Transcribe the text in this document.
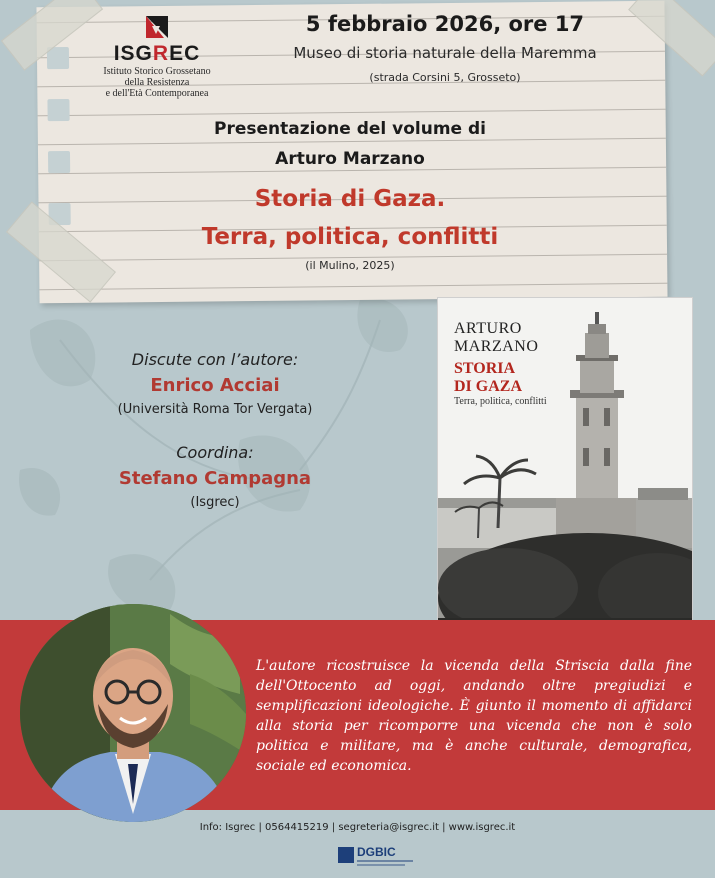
ISGREC
Istituto Storico Grossetano
della Resistenza
e dell'Età Contemporanea
5 febbraio 2026, ore 17
Museo di storia naturale della Maremma
(strada Corsini 5, Grosseto)
Presentazione del volume di
Arturo Marzano
Storia di Gaza.
Terra, politica, conflitti
(il Mulino, 2025)
Discute con l’autore:
Enrico Acciai
(Università Roma Tor Vergata)
Coordina:
Stefano Campagna
(Isgrec)
ARTURO
MARZANO
STORIA
DI GAZA
Terra, politica, conflitti
L'autore ricostruisce la vicenda della Striscia dalla fine dell'Ottocento ad oggi, andando oltre pregiudizi e semplificazioni ideologiche. È giunto il momento di affidarci alla storia per ricomporre una vicenda che non è solo politica e militare, ma è anche culturale, demografica, sociale ed economica.
Info: Isgrec | 0564415219 | segreteria@isgrec.it | www.isgrec.it
DGBIC
